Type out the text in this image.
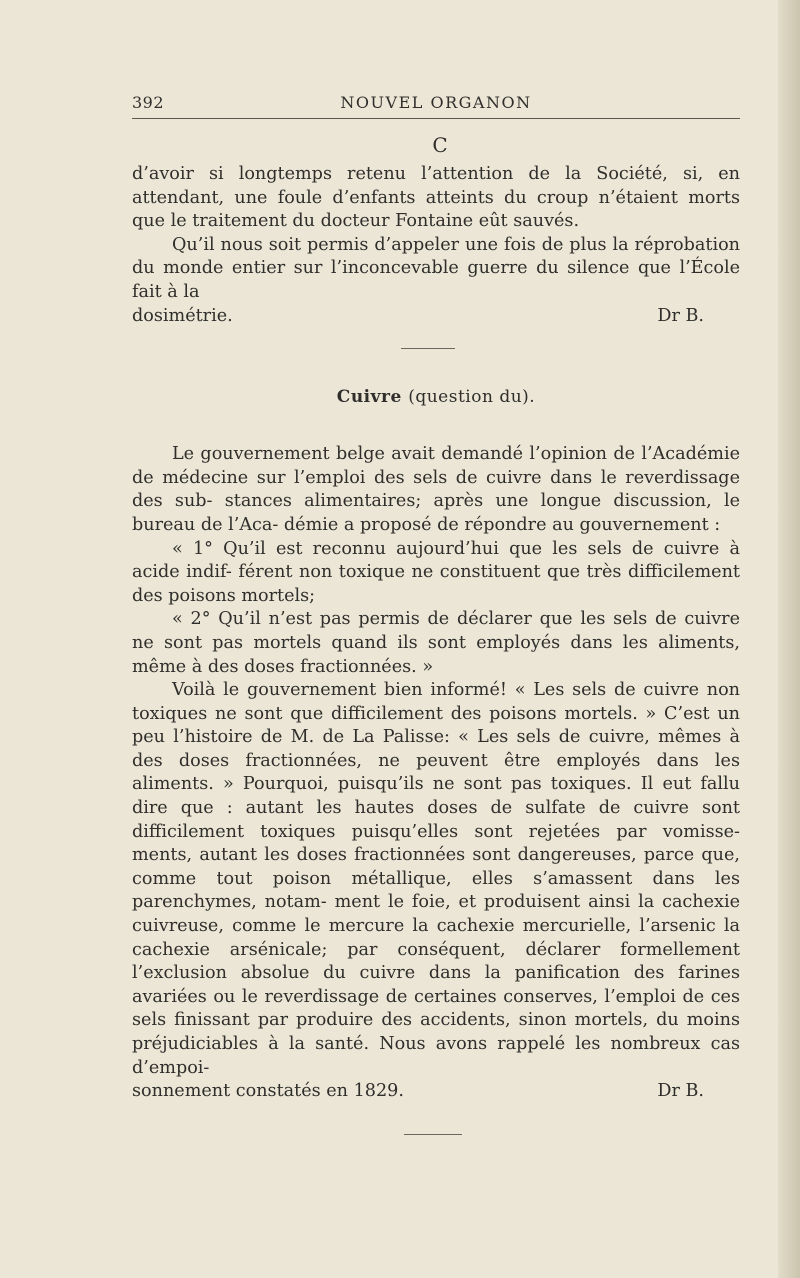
392	NOUVEL ORGANON
C

d’avoir si longtemps retenu l’attention de la Société, si, en attendant, une foule d’enfants atteints du croup n’étaient morts que le traitement du docteur Fontaine eût sauvés.

Qu’il nous soit permis d’appeler une fois de plus la réprobation du monde entier sur l’inconcevable guerre du silence que l’École fait à la

dosimétrie.	Dr B.
Cuivre (question du).

Le gouvernement belge avait demandé l’opinion de l’Académie de médecine sur l’emploi des sels de cuivre dans le reverdissage des sub- stances alimentaires; après une longue discussion, le bureau de l’Aca- démie a proposé de répondre au gouvernement :

« 1° Qu’il est reconnu aujourd’hui que les sels de cuivre à acide indif- férent non toxique ne constituent que très difficilement des poisons mortels;

« 2° Qu’il n’est pas permis de déclarer que les sels de cuivre ne sont pas mortels quand ils sont employés dans les aliments, même à des doses fractionnées. »

Voilà le gouvernement bien informé! « Les sels de cuivre non toxiques ne sont que difficilement des poisons mortels. » C’est un peu l’histoire de M. de La Palisse: « Les sels de cuivre, mêmes à des doses fractionnées, ne peuvent être employés dans les aliments. » Pourquoi, puisqu’ils ne sont pas toxiques. Il eut fallu dire que : autant les hautes doses de sulfate de cuivre sont difficilement toxiques puisqu’elles sont rejetées par vomisse- ments, autant les doses fractionnées sont dangereuses, parce que, comme tout poison métallique, elles s’amassent dans les parenchymes, notam- ment le foie, et produisent ainsi la cachexie cuivreuse, comme le mercure la cachexie mercurielle, l’arsenic la cachexie arsénicale; par conséquent, déclarer formellement l’exclusion absolue du cuivre dans la panification des farines avariées ou le reverdissage de certaines conserves, l’emploi de ces sels finissant par produire des accidents, sinon mortels, du moins préjudiciables à la santé. Nous avons rappelé les nombreux cas d’empoi-

sonnement constatés en 1829.	Dr B.
